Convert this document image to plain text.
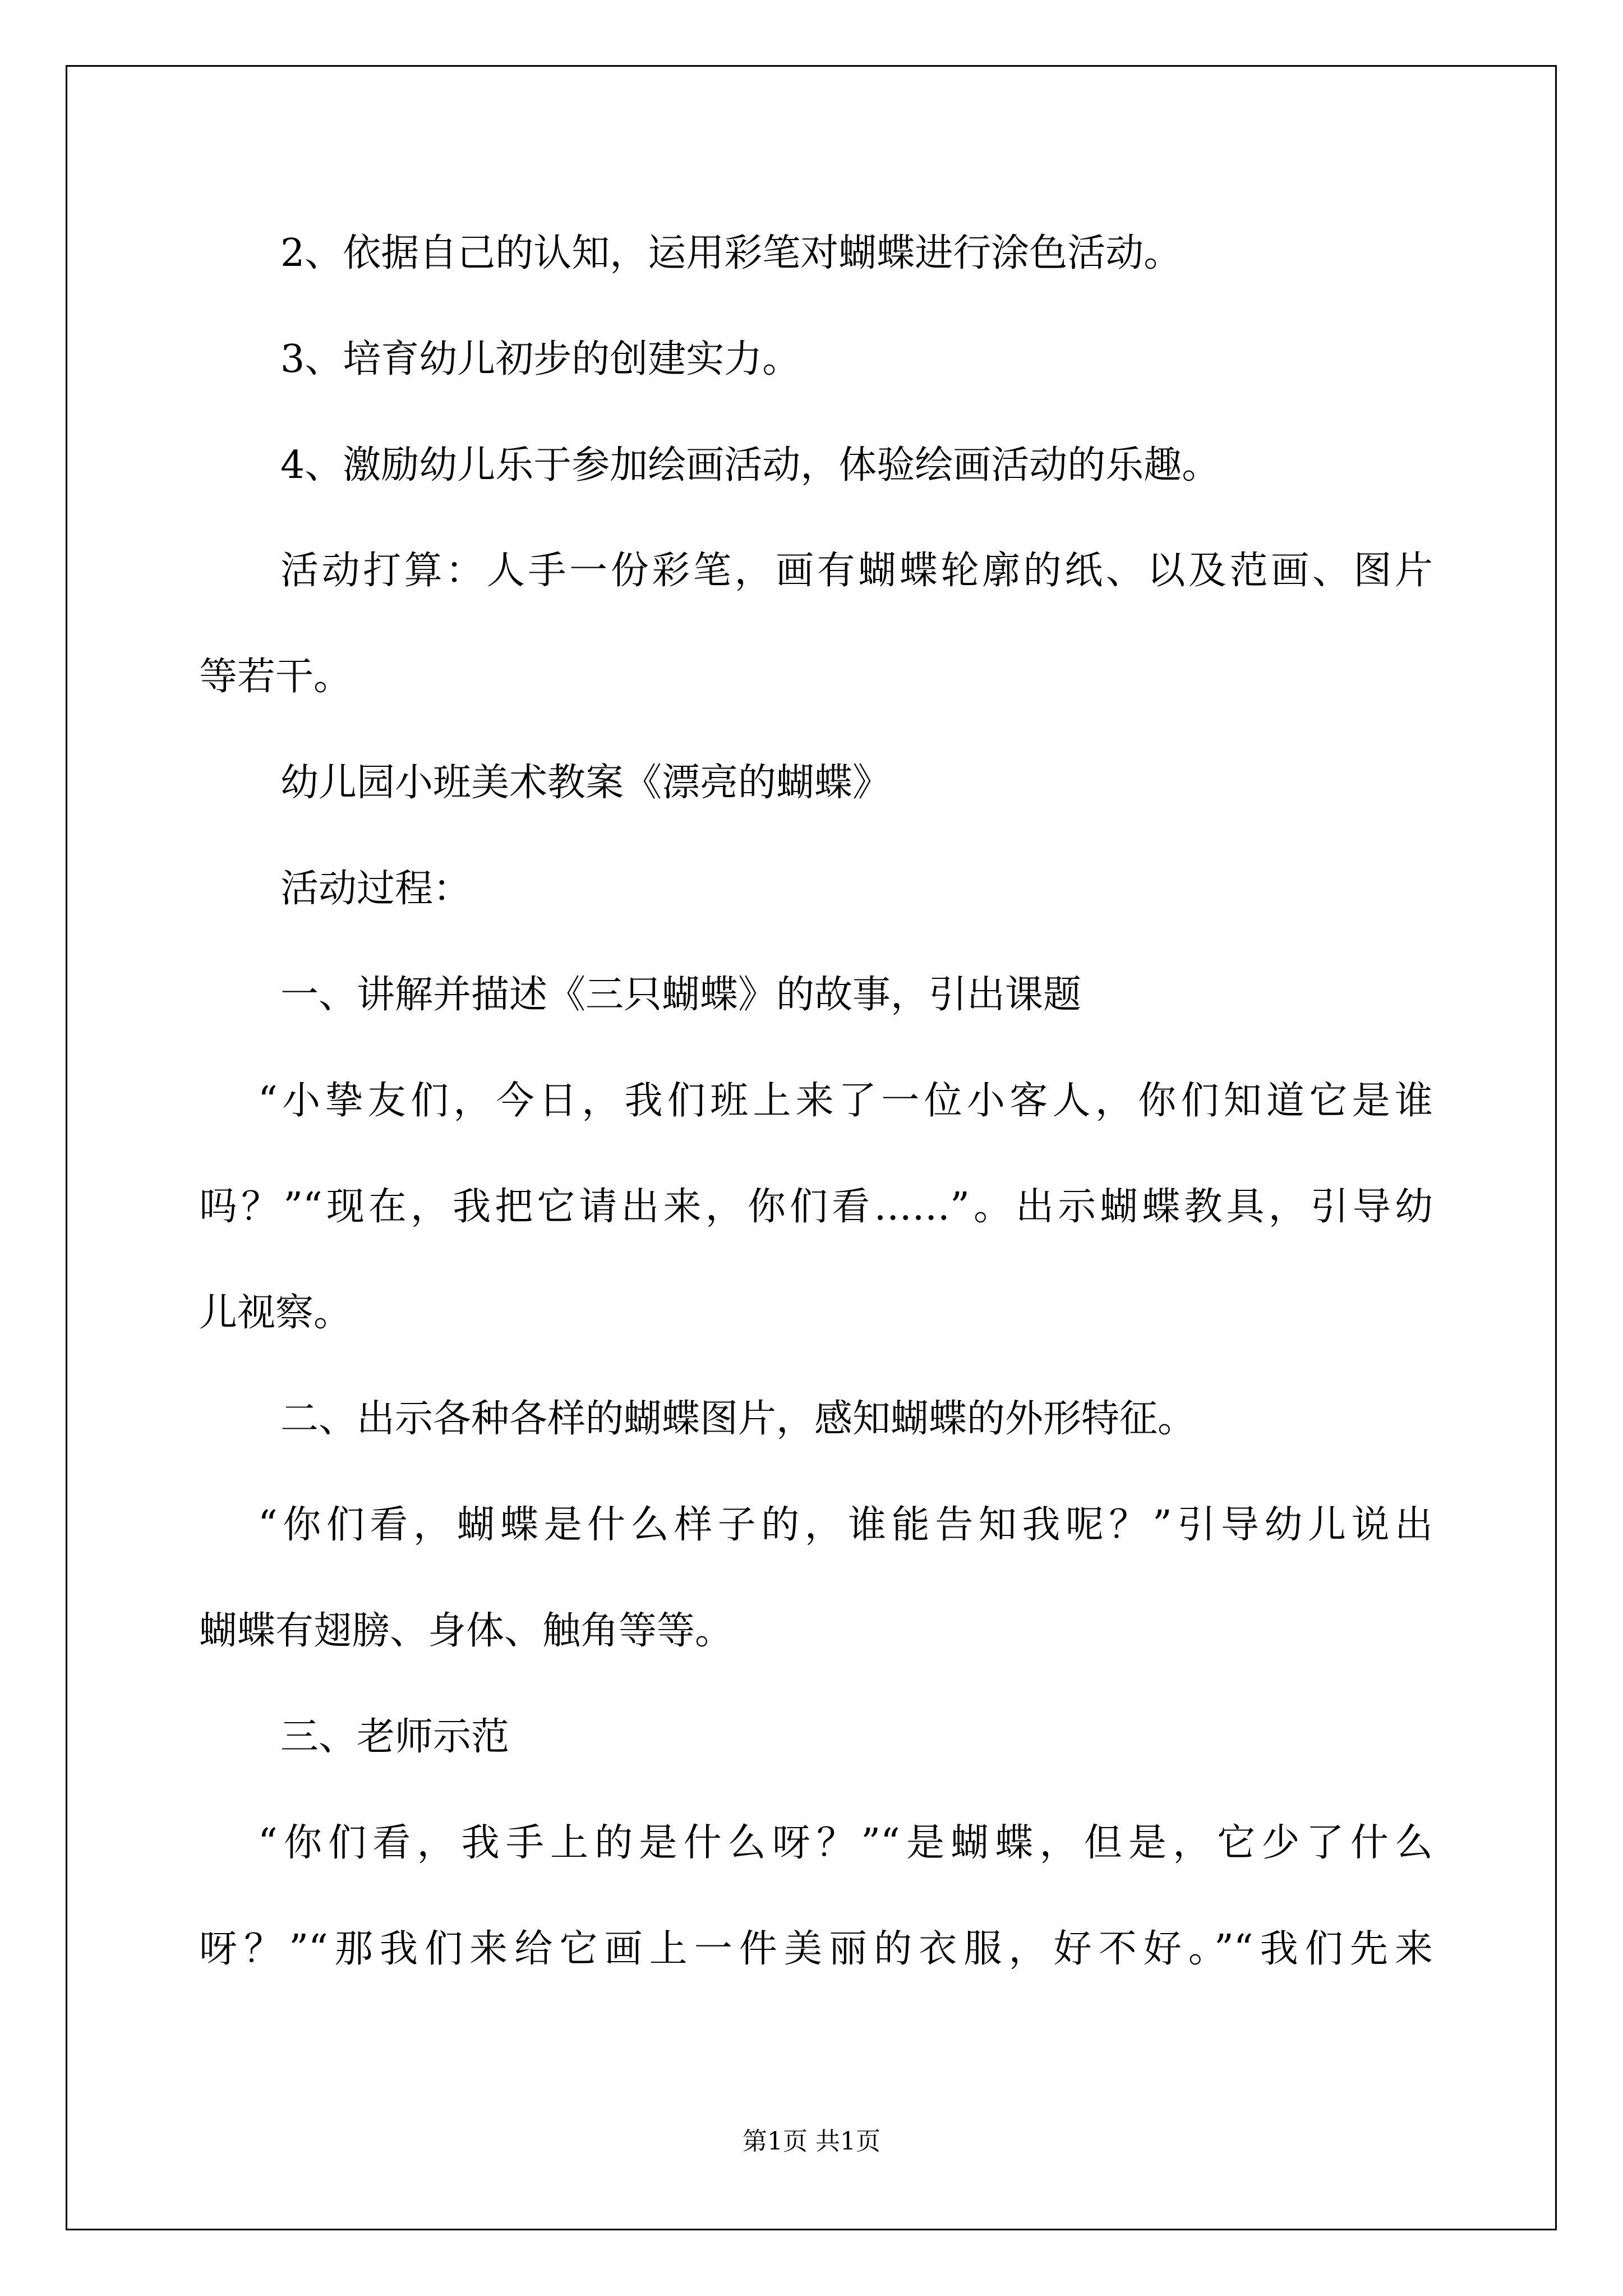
2、依据自己的认知，运用彩笔对蝴蝶进行涂色活动。

3、培育幼儿初步的创建实力。

4、激励幼儿乐于参加绘画活动，体验绘画活动的乐趣。

活动打算：人手一份彩笔，画有蝴蝶轮廓的纸、以及范画、图片

等若干。

幼儿园小班美术教案《漂亮的蝴蝶》

活动过程：

一、讲解并描述《三只蝴蝶》的故事，引出课题

“小挚友们，今日，我们班上来了一位小客人，你们知道它是谁

吗？”“现在，我把它请出来，你们看……”。出示蝴蝶教具，引导幼

儿视察。

二、出示各种各样的蝴蝶图片，感知蝴蝶的外形特征。

“你们看，蝴蝶是什么样子的，谁能告知我呢？”引导幼儿说出

蝴蝶有翅膀、身体、触角等等。

三、老师示范

“你们看，我手上的是什么呀？”“是蝴蝶，但是，它少了什么

呀？”“那我们来给它画上一件美丽的衣服，好不好。”“我们先来

第1页 共1页
